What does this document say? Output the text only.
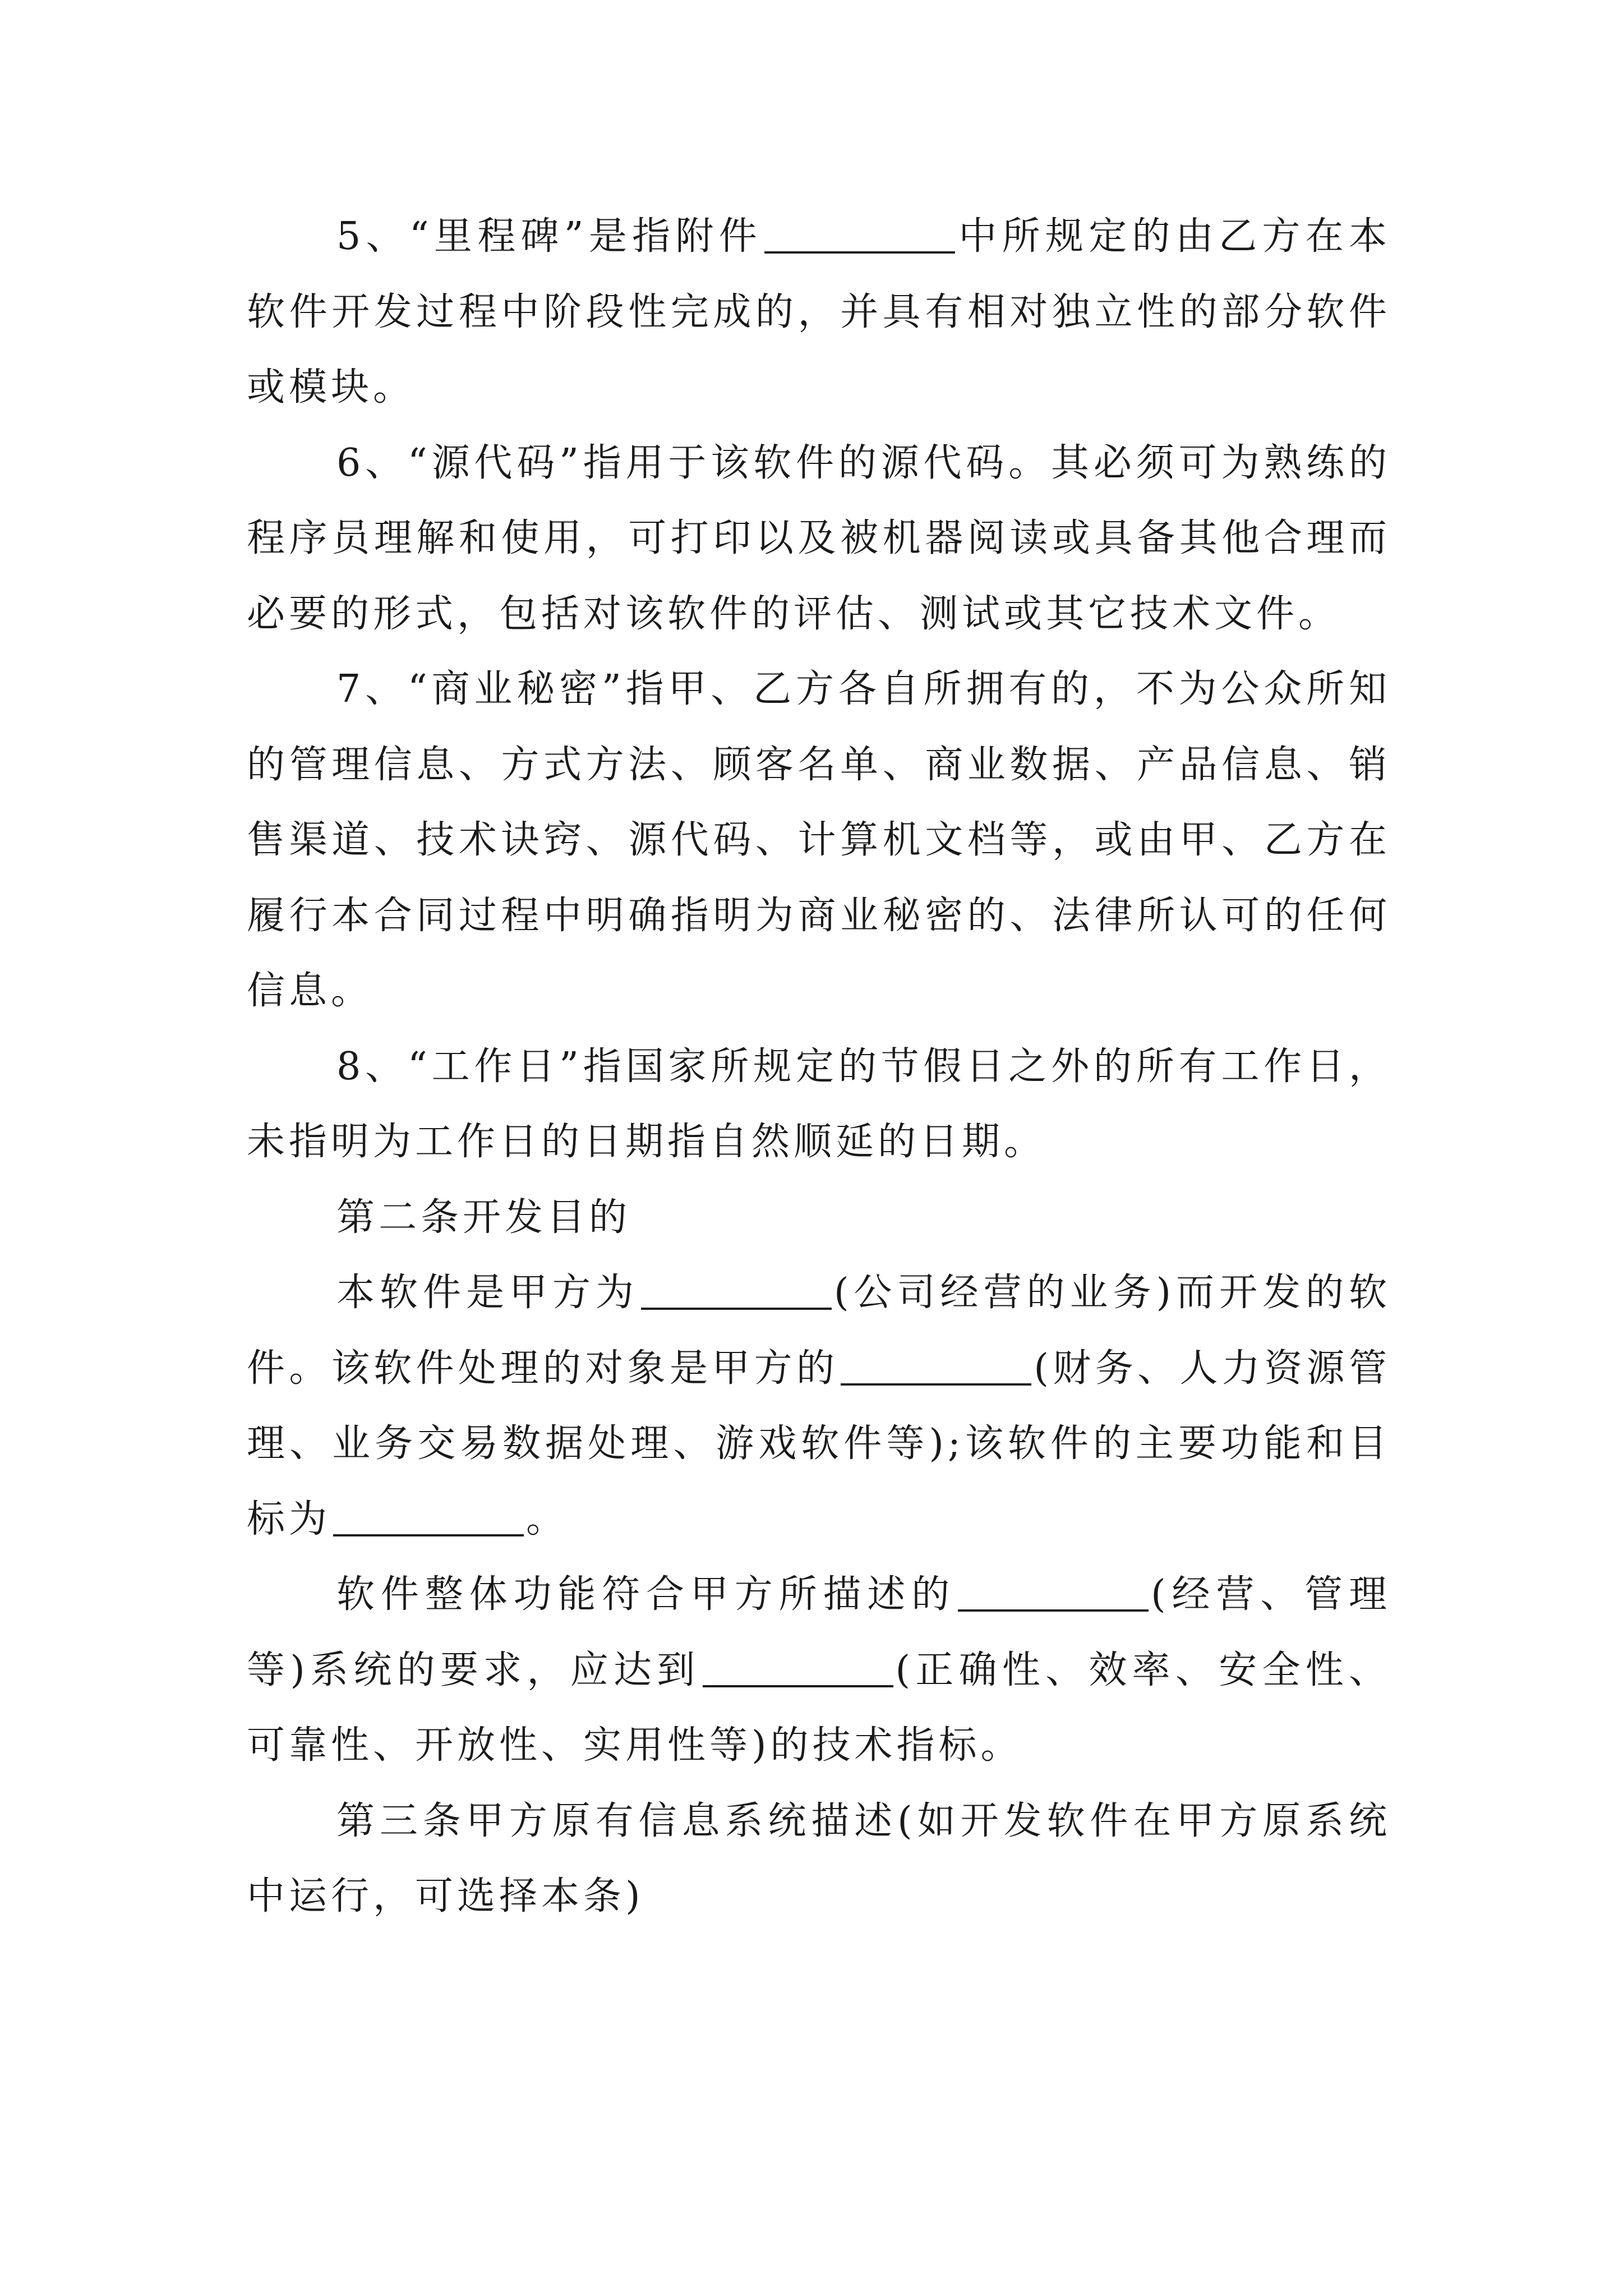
5、“里程碑”是指附件	中所规定的由乙方在本软件开发过程中阶段性完成的，并具有相对独立性的部分软件或模块。

6、“源代码”指用于该软件的源代码。其必须可为熟练的程序员理解和使用，可打印以及被机器阅读或具备其他合理而必要的形式，包括对该软件的评估、测试或其它技术文件。

7、“商业秘密”指甲、乙方各自所拥有的，不为公众所知的管理信息、方式方法、顾客名单、商业数据、产品信息、销售渠道、技术诀窍、源代码、计算机文档等，或由甲、乙方在履行本合同过程中明确指明为商业秘密的、法律所认可的任何信息。

8、“工作日”指国家所规定的节假日之外的所有工作日，未指明为工作日的日期指自然顺延的日期。

第二条开发目的

本软件是甲方为	(公司经营的业务)而开发的软件。该软件处理的对象是甲方的	(财务、人力资源管理、业务交易数据处理、游戏软件等);该软件的主要功能和目标为	。

软件整体功能符合甲方所描述的	(经营、管理等)系统的要求，应达到	(正确性、效率、安全性、可靠性、开放性、实用性等)的技术指标。

第三条甲方原有信息系统描述(如开发软件在甲方原系统中运行，可选择本条)
